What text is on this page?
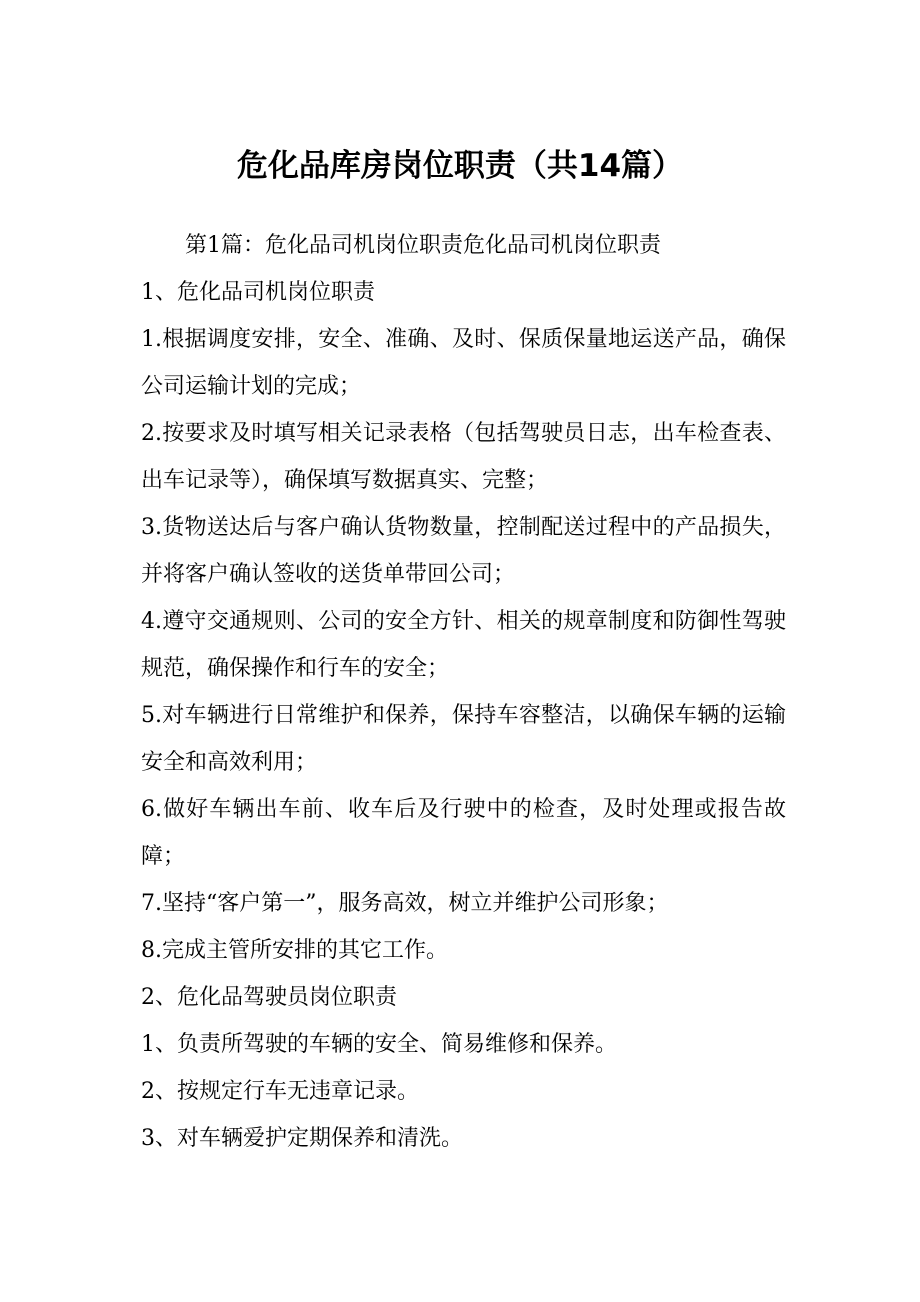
危化品库房岗位职责（共14篇）

第1篇：危化品司机岗位职责危化品司机岗位职责

1、危化品司机岗位职责

1.根据调度安排，安全、准确、及时、保质保量地运送产品，确保公司运输计划的完成；

2.按要求及时填写相关记录表格（包括驾驶员日志，出车检查表、出车记录等），确保填写数据真实、完整；

3.货物送达后与客户确认货物数量，控制配送过程中的产品损失，并将客户确认签收的送货单带回公司；

4.遵守交通规则、公司的安全方针、相关的规章制度和防御性驾驶规范，确保操作和行车的安全；

5.对车辆进行日常维护和保养，保持车容整洁，以确保车辆的运输安全和高效利用；

6.做好车辆出车前、收车后及行驶中的检查，及时处理或报告故障；

7.坚持“客户第一”，服务高效，树立并维护公司形象；

8.完成主管所安排的其它工作。

2、危化品驾驶员岗位职责

1、负责所驾驶的车辆的安全、简易维修和保养。

2、按规定行车无违章记录。

3、对车辆爱护定期保养和清洗。
